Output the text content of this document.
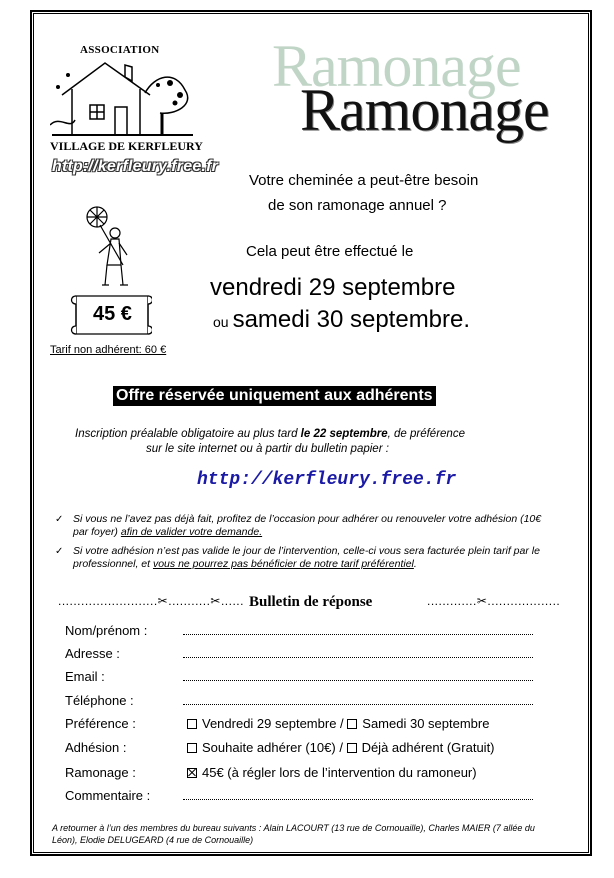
ASSOCIATION
VILLAGE DE KERFLEURY
http://kerfleury.free.fr
Ramonage
Ramonage
Votre cheminée a peut-être besoin
de son ramonage annuel ?
Cela peut être effectué le
vendredi 29 septembre
ou samedi 30 septembre.
45 €
Tarif non adhérent: 60 €
Offre réservée uniquement aux adhérents
Inscription préalable obligatoire au plus tard le 22 septembre, de préférence
sur le site internet ou à partir du bulletin papier :
http://kerfleury.free.fr
✓ Si vous ne l’avez pas déjà fait, profitez de l’occasion pour adhérer ou renouveler votre adhésion (10€ par foyer) afin de valider votre demande.
✓ Si votre adhésion n’est pas valide le jour de l’intervention, celle-ci vous sera facturée plein tarif par le professionnel, et vous ne pourrez pas bénéficier de notre tarif préférentiel.
..........................✂...........✂...... Bulletin de réponse	.............✂...................
Nom/prénom :
Adresse :
Email :
Téléphone :
Préférence :	Vendredi 29 septembre / Samedi 30 septembre
Adhésion :	Souhaite adhérer (10€) / Déjà adhérent (Gratuit)
Ramonage :	45€ (à régler lors de l’intervention du ramoneur)
Commentaire :
A retourner à l’un des membres du bureau suivants : Alain LACOURT (13 rue de Cornouaille), Charles MAIER (7 allée du Léon), Elodie DELUGEARD (4 rue de Cornouaille)
